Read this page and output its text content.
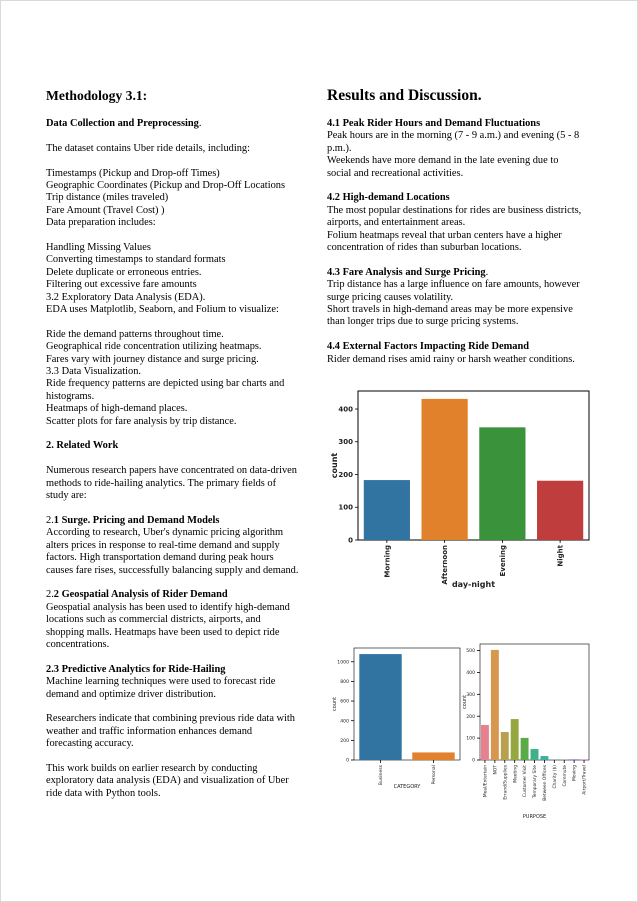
Methodology 3.1:
Data Collection and Preprocessing.
The dataset contains Uber ride details, including:
Timestamps (Pickup and Drop-off Times)
Geographic Coordinates (Pickup and Drop-Off Locations
Trip distance (miles traveled)
Fare Amount (Travel Cost) )
Data preparation includes:
Handling Missing Values
Converting timestamps to standard formats
Delete duplicate or erroneous entries.
Filtering out excessive fare amounts
3.2 Exploratory Data Analysis (EDA).
EDA uses Matplotlib, Seaborn, and Folium to visualize:
Ride the demand patterns throughout time.
Geographical ride concentration utilizing heatmaps.
Fares vary with journey distance and surge pricing.
3.3 Data Visualization.
Ride frequency patterns are depicted using bar charts and
histograms.
Heatmaps of high-demand places.
Scatter plots for fare analysis by trip distance.
2. Related Work
Numerous research papers have concentrated on data-driven
methods to ride-hailing analytics. The primary fields of
study are:
2.1 Surge. Pricing and Demand Models
According to research, Uber's dynamic pricing algorithm
alters prices in response to real-time demand and supply
factors. High transportation demand during peak hours
causes fare rises, successfully balancing supply and demand.
2.2 Geospatial Analysis of Rider Demand
Geospatial analysis has been used to identify high-demand
locations such as commercial districts, airports, and
shopping malls. Heatmaps have been used to depict ride
concentrations.
2.3 Predictive Analytics for Ride-Hailing
Machine learning techniques were used to forecast ride
demand and optimize driver distribution.
Researchers indicate that combining previous ride data with
weather and traffic information enhances demand
forecasting accuracy.
This work builds on earlier research by conducting
exploratory data analysis (EDA) and visualization of Uber
ride data with Python tools.
Results and Discussion.
4.1 Peak Rider Hours and Demand Fluctuations
Peak hours are in the morning (7 - 9 a.m.) and evening (5 - 8
p.m.).
Weekends have more demand in the late evening due to
social and recreational activities.
4.2 High-demand Locations
The most popular destinations for rides are business districts,
airports, and entertainment areas.
Folium heatmaps reveal that urban centers have a higher
concentration of rides than suburban locations.
4.3 Fare Analysis and Surge Pricing.
Trip distance has a large influence on fare amounts, however
surge pricing causes volatility.
Short travels in high-demand areas may be more expensive
than longer trips due to surge pricing systems.
4.4 External Factors Impacting Ride Demand
Rider demand rises amid rainy or harsh weather conditions.
0
100
200
300
400
Morning	Afternoon	Evening	Night
day-night
count
0
200
400
600
800
1000
Business	Personal
CATEGORY
count
0
100
200
300
400
500
Meal/Entertain NOT Errand/Supplies Meeting Customer Visit Temporary Site Between Offices Charity ($) Commute Moving Airport/Travel
PURPOSE
count
